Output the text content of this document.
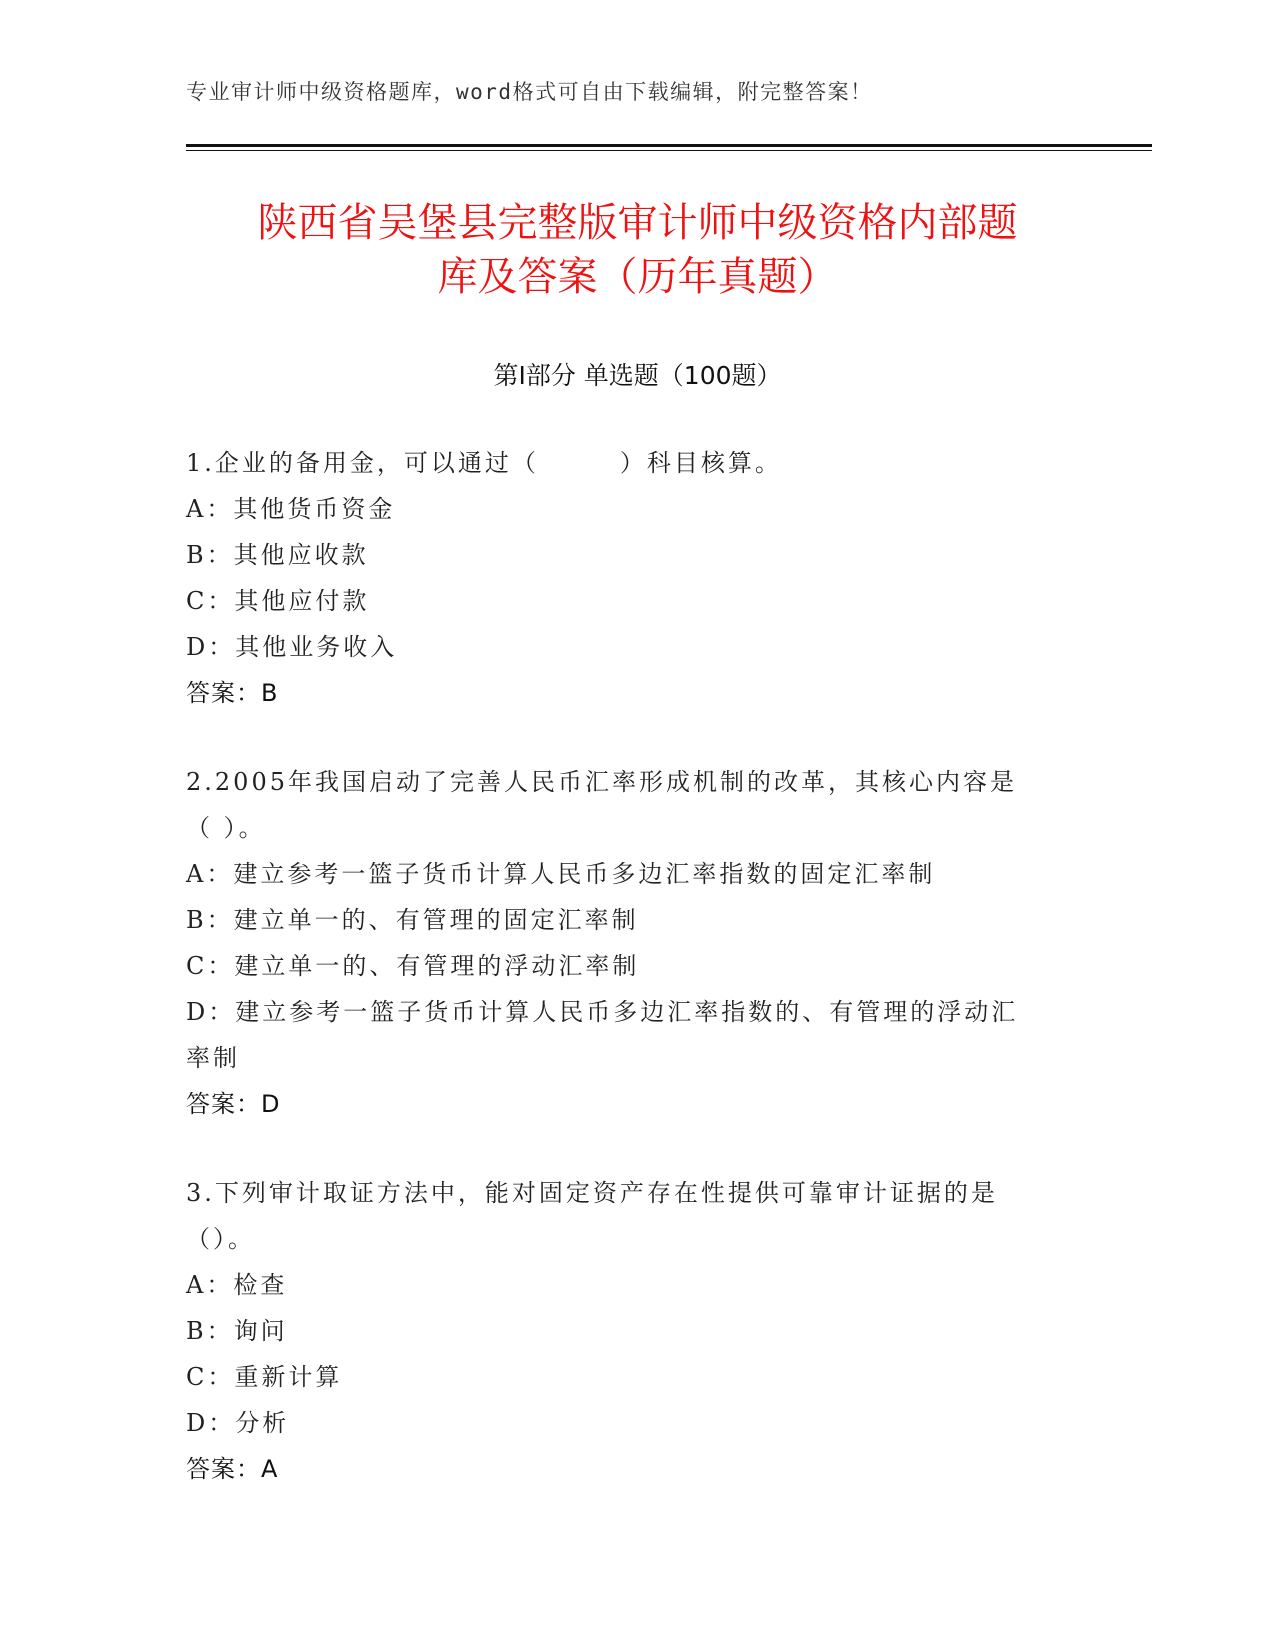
专业审计师中级资格题库，word格式可自由下载编辑，附完整答案！
陕西省吴堡县完整版审计师中级资格内部题
库及答案（历年真题）
第Ⅰ部分 单选题（100题）
1.企业的备用金，可以通过（　　　）科目核算。
A：其他货币资金
B：其他应收款
C：其他应付款
D：其他业务收入
答案：B
2.2005年我国启动了完善人民币汇率形成机制的改革，其核心内容是
（ ）。
A：建立参考一篮子货币计算人民币多边汇率指数的固定汇率制
B：建立单一的、有管理的固定汇率制
C：建立单一的、有管理的浮动汇率制
D：建立参考一篮子货币计算人民币多边汇率指数的、有管理的浮动汇
率制
答案：D
3.下列审计取证方法中，能对固定资产存在性提供可靠审计证据的是
（）。
A：检查
B：询问
C：重新计算
D：分析
答案：A
